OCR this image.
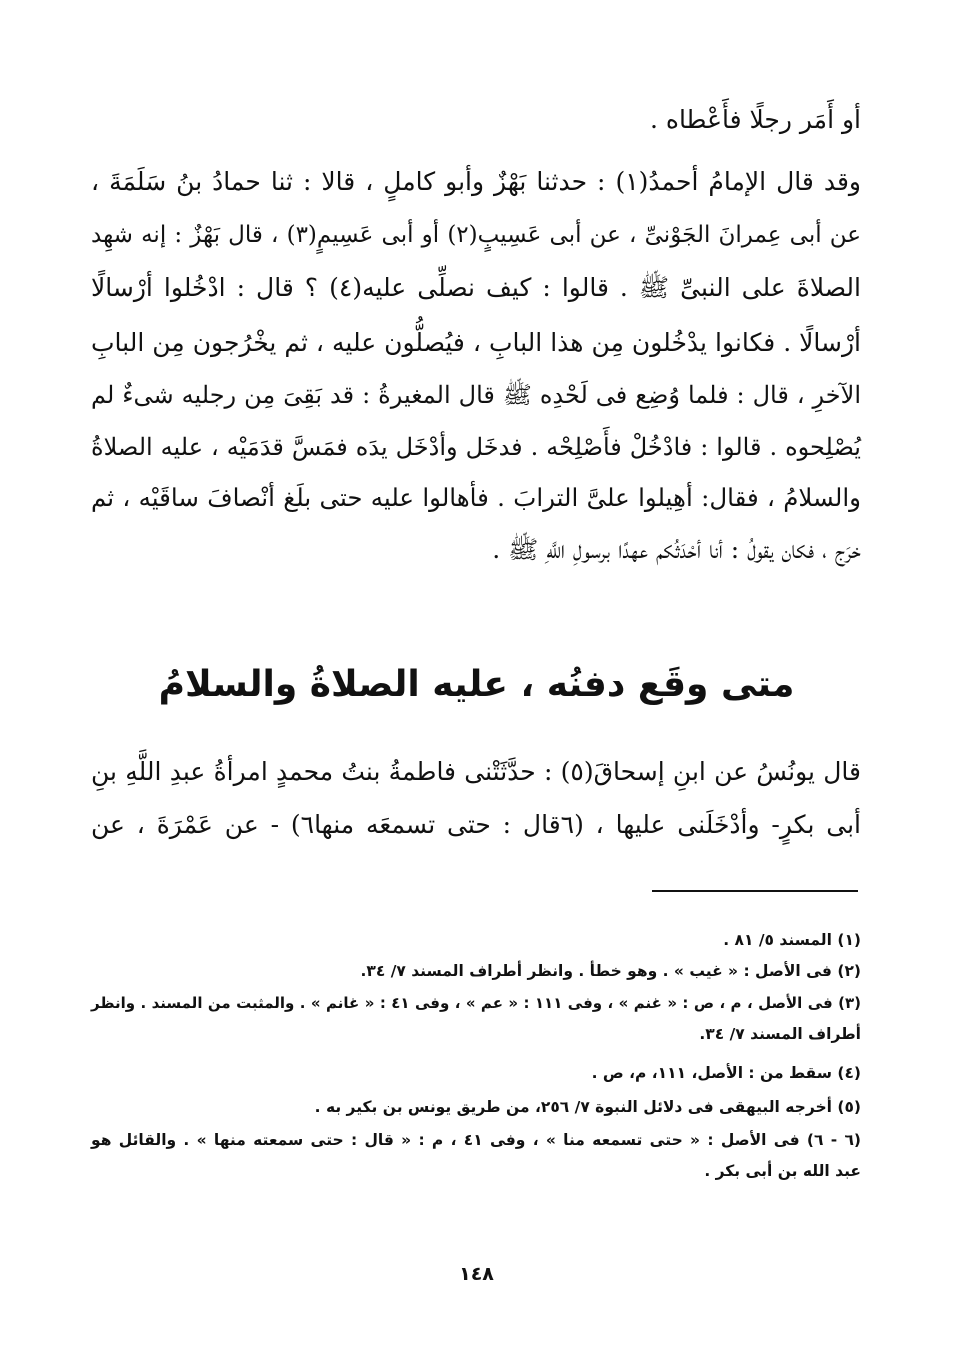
أو أَمَر رجلًا فأَعْطاه .
وقد قال الإمامُ أحمدُ(١) : حدثنا بَهْزٌ وأبو كاملٍ ، قالا : ثنا حمادُ بنُ سَلَمَةَ ،
عن أبى عِمرانَ الجَوْنىِّ ، عن أبى عَسِيبٍ(٢) أو أبى عَسِيمٍ(٣) ، قال بَهْزٌ : إنه شهِد
الصلاةَ على النبىِّ ﷺ . قالوا : كيف نصلِّى عليه(٤) ؟ قال : ادْخُلوا أرْسالًا
أرْسالًا . فكانوا يدْخُلون مِن هذا البابِ ، فيُصلُّون عليه ، ثم يخْرُجون مِن البابِ
الآخرِ ، قال : فلما وُضِع فى لَحْدِه ﷺ قال المغيرةُ : قد بَقِىَ مِن رجليه شىءٌ لم
يُصْلِحوه . قالوا : فادْخُلْ فأَصْلِحْه . فدخَل وأدْخَل يدَه فمَسَّ قدَمَيْه ، عليه الصلاةُ
والسلامُ ، فقال: أهِيلوا علىَّ الترابَ . فأهالوا عليه حتى بلَغ أنْصافَ ساقَيْه ، ثم
خرَج ، فكان يقولُ : أنا أحْدَثُكم عهدًا برسولِ اللَّهِ ﷺ .
متى وقَع دفنُه ، عليه الصلاةُ والسلامُ
قال يونُسُ عن ابنِ إسحاقَ(٥) : حدَّثَتْنى فاطمةُ بنتُ محمدٍ امرأةُ عبدِ اللَّهِ بنِ
أبى بكرٍ- وأدْخَلَنى عليها ، (٦قال : حتى تسمعَه منها٦) - عن عَمْرَةَ ، عن
(١) المسند ٥/ ٨١ .
(٢) فى الأصل : « غيب » . وهو خطأ . وانظر أطراف المسند ٧/ ٣٤.
(٣) فى الأصل ، م ، ص : « غنم » ، وفى ١١١ : « عم » ، وفى ٤١ : « غانم » . والمثبت من المسند . وانظر
أطراف المسند ٧/ ٣٤.
(٤) سقط من : الأصل، ١١١، م، ص .
(٥) أخرجه البيهقى فى دلائل النبوة ٧/ ٢٥٦، من طريق يونس بن بكير به .
(٦ - ٦) فى الأصل : « حتى تسمعه منا » ، وفى ٤١ ، م : « قال : حتى سمعته منها » . والقائل هو
عبد الله بن أبى بكر .
١٤٨
